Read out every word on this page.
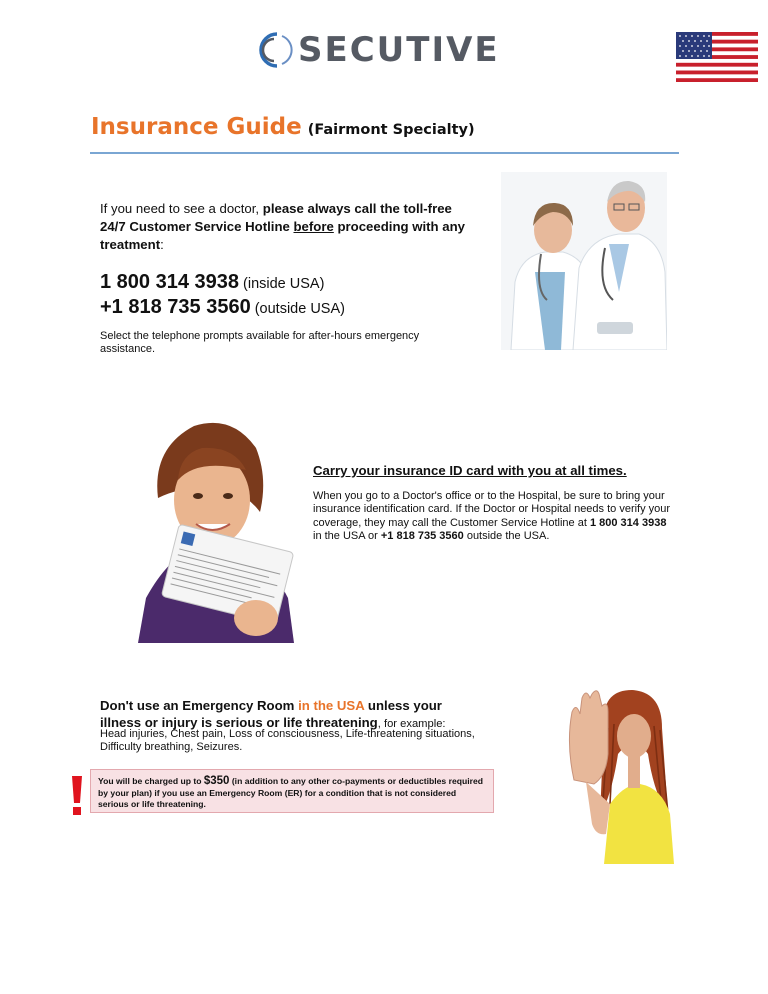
SECUTIVE
Insurance Guide (Fairmont Specialty)

If you need to see a doctor, please always call the toll-free 24/7 Customer Service Hotline before proceeding with any treatment:

1 800 314 3938 (inside USA)
+1 818 735 3560 (outside USA)

Select the telephone prompts available for after-hours emergency assistance.

Carry your insurance ID card with you at all times.

When you go to a Doctor's office or to the Hospital, be sure to bring your insurance identification card. If the Doctor or Hospital needs to verify your coverage, they may call the Customer Service Hotline at 1 800 314 3938 in the USA or +1 818 735 3560 outside the USA.

Don't use an Emergency Room in the USA unless your illness or injury is serious or life threatening, for example:

Head injuries, Chest pain, Loss of consciousness, Life-threatening situations, Difficulty breathing, Seizures.

You will be charged up to $350 (in addition to any other co-payments or deductibles required by your plan) if you use an Emergency Room (ER) for a condition that is not considered serious or life threatening.
